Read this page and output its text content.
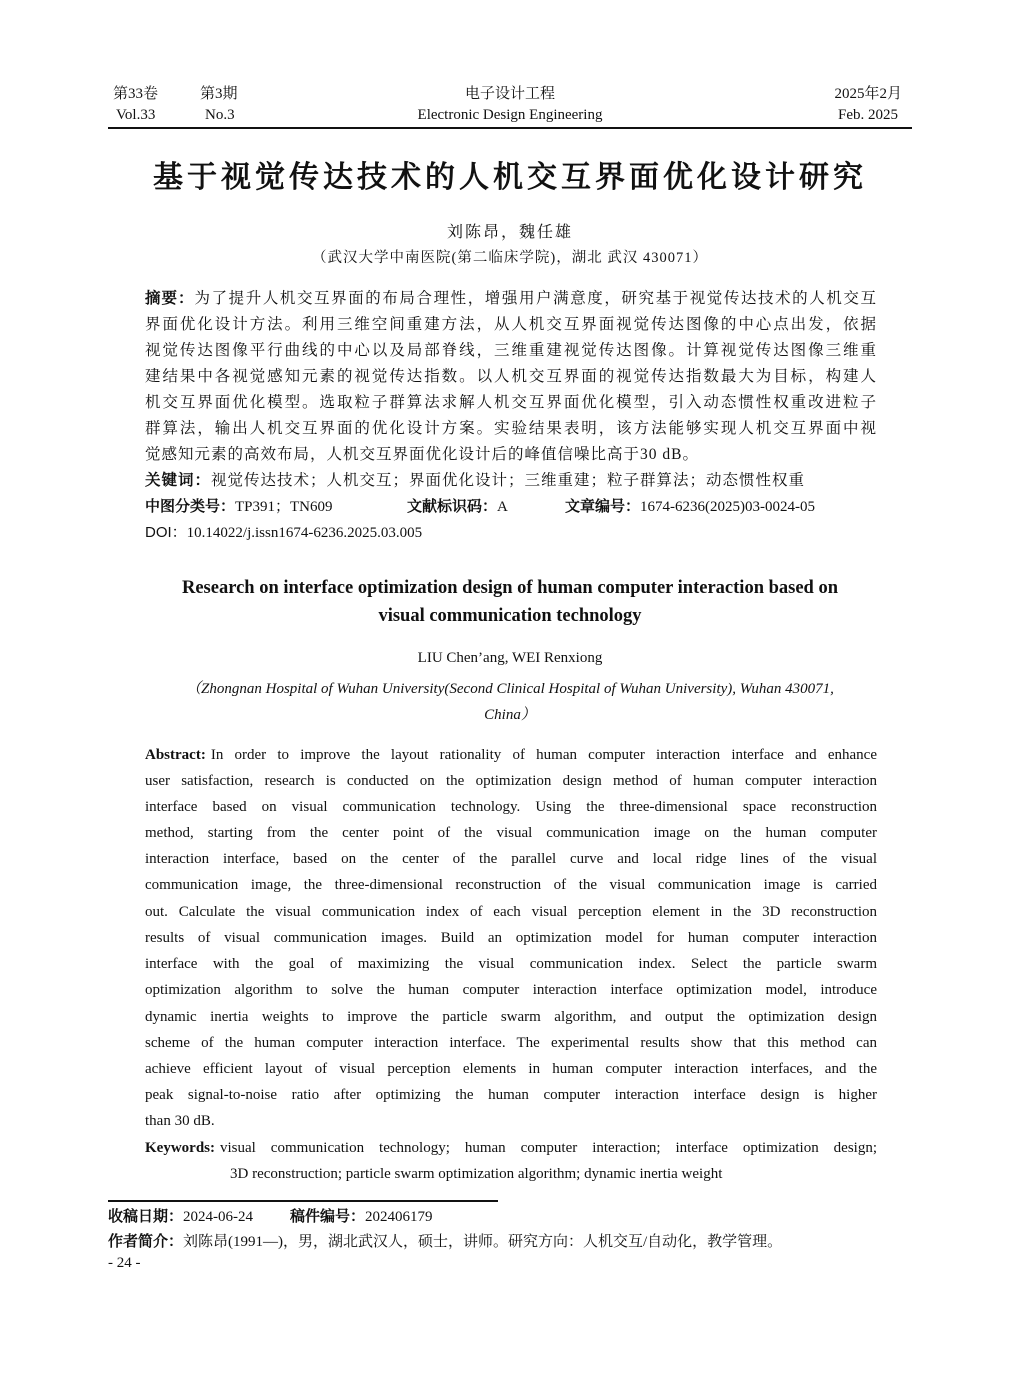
第33卷	第3期
Vol.33	No.3
电子设计工程
Electronic Design Engineering
2025年2月
Feb. 2025
基于视觉传达技术的人机交互界面优化设计研究
刘陈昂，魏任雄
（武汉大学中南医院(第二临床学院)，湖北 武汉 430071）
摘要： 为了提升人机交互界面的布局合理性，增强用户满意度，研究基于视觉传达技术的人机交互
界面优化设计方法。利用三维空间重建方法，从人机交互界面视觉传达图像的中心点出发，依据
视觉传达图像平行曲线的中心以及局部脊线，三维重建视觉传达图像。计算视觉传达图像三维重
建结果中各视觉感知元素的视觉传达指数。以人机交互界面的视觉传达指数最大为目标，构建人
机交互界面优化模型。选取粒子群算法求解人机交互界面优化模型，引入动态惯性权重改进粒子
群算法，输出人机交互界面的优化设计方案。实验结果表明，该方法能够实现人机交互界面中视
觉感知元素的高效布局，人机交互界面优化设计后的峰值信噪比高于30 dB。
关键词：视觉传达技术；人机交互；界面优化设计；三维重建；粒子群算法；动态惯性权重
中图分类号：TP391；TN609	文献标识码：A	文章编号：1674-6236(2025)03-0024-05
DOI：10.14022/j.issn1674-6236.2025.03.005
Research on interface optimization design of human computer interaction based on
visual communication technology
LIU Chen’ang, WEI Renxiong
（Zhongnan Hospital of Wuhan University(Second Clinical Hospital of Wuhan University), Wuhan 430071,
China）
Abstract: In order to improve the layout rationality of human computer interaction interface and enhance
user satisfaction, research is conducted on the optimization design method of human computer interaction
interface based on visual communication technology. Using the three-dimensional space reconstruction
method, starting from the center point of the visual communication image on the human computer
interaction interface, based on the center of the parallel curve and local ridge lines of the visual
communication image, the three-dimensional reconstruction of the visual communication image is carried
out. Calculate the visual communication index of each visual perception element in the 3D reconstruction
results of visual communication images. Build an optimization model for human computer interaction
interface with the goal of maximizing the visual communication index. Select the particle swarm
optimization algorithm to solve the human computer interaction interface optimization model, introduce
dynamic inertia weights to improve the particle swarm algorithm, and output the optimization design
scheme of the human computer interaction interface. The experimental results show that this method can
achieve efficient layout of visual perception elements in human computer interaction interfaces, and the
peak signal-to-noise ratio after optimizing the human computer interaction interface design is higher
than 30 dB.
Keywords: visual communication technology; human computer interaction; interface optimization design;
3D reconstruction; particle swarm optimization algorithm; dynamic inertia weight
收稿日期：2024-06-24 稿件编号：202406179
作者简介：刘陈昂(1991—)，男，湖北武汉人，硕士，讲师。研究方向：人机交互/自动化，教学管理。
- 24 -
